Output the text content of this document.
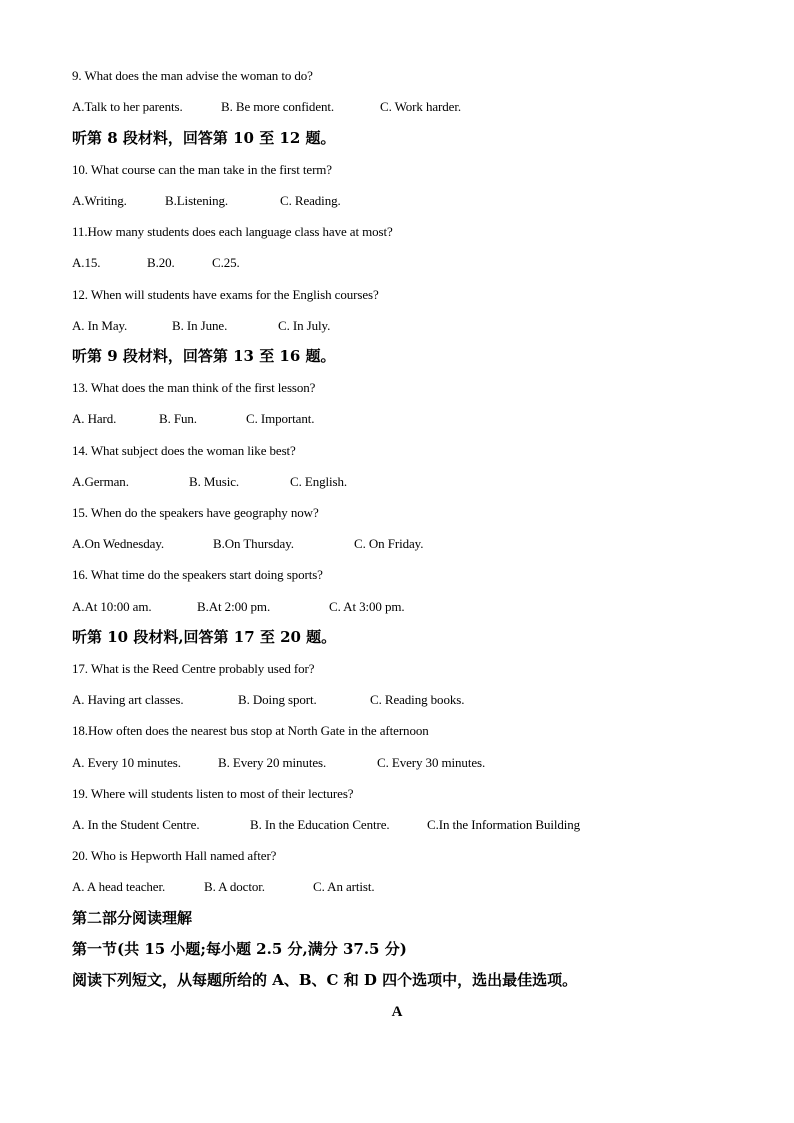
9. What does the man advise the woman to do?
A.Talk to her parents.	B. Be more confident.	C. Work harder.
听第 8 段材料，回答第 10 至 12 题。
10. What course can the man take in the first term?
A.Writing.	B.Listening.	C. Reading.
11.How many students does each language class have at most?
A.15.	B.20.	C.25.
12. When will students have exams for the English courses?
A. In May.	B. In June.	C. In July.
听第 9 段材料，回答第 13 至 16 题。
13. What does the man think of the first lesson?
A. Hard.	B. Fun.	C. Important.
14. What subject does the woman like best?
A.German.	B. Music.	C. English.
15. When do the speakers have geography now?
A.On Wednesday.	B.On Thursday.	C. On Friday.
16. What time do the speakers start doing sports?
A.At 10:00 am.	B.At 2:00 pm.	C. At 3:00 pm.
听第 10 段材料,回答第 17 至 20 题。
17. What is the Reed Centre probably used for?
A. Having art classes.	B. Doing sport.	C. Reading books.
18.How often does the nearest bus stop at North Gate in the afternoon
A. Every 10 minutes.	B. Every 20 minutes.	C. Every 30 minutes.
19. Where will students listen to most of their lectures?
A. In the Student Centre.	B. In the Education Centre.	C.In the Information Building
20. Who is Hepworth Hall named after?
A. A head teacher.	B. A doctor.	C. An artist.
第二部分阅读理解
第一节(共 15 小题;每小题 2.5 分,满分 37.5 分)
阅读下列短文，从每题所给的 A、B、C 和 D 四个选项中，选出最佳选项。
A
